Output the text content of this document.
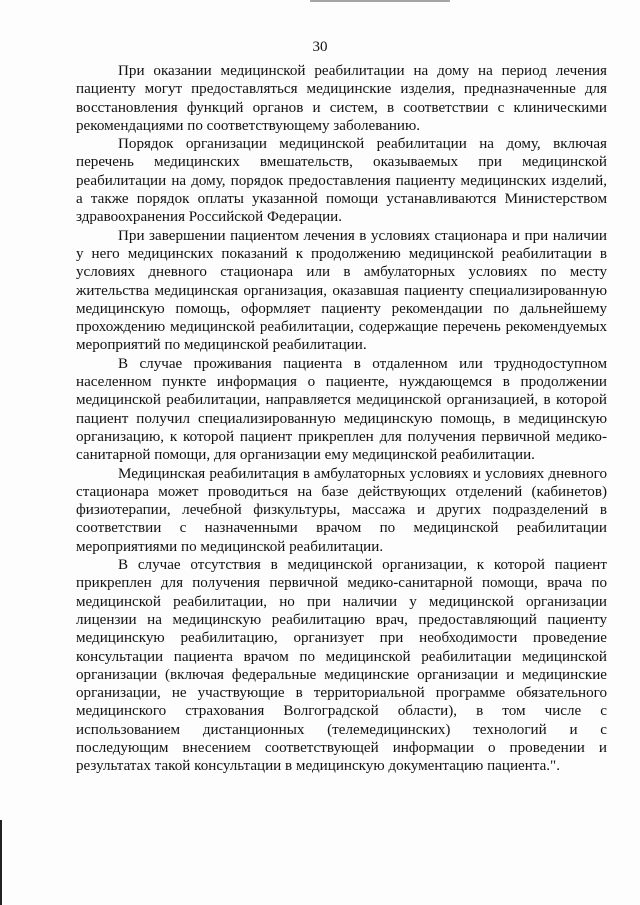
30

При оказании медицинской реабилитации на дому на период лечения пациенту могут предоставляться медицинские изделия, предназначенные для восстановления функций органов и систем, в соответствии с клиническими рекомендациями по соответствующему заболеванию.

Порядок организации медицинской реабилитации на дому, включая перечень медицинских вмешательств, оказываемых при медицинской реабилитации на дому, порядок предоставления пациенту медицинских изделий, а также порядок оплаты указанной помощи устанавливаются Министерством здравоохранения Российской Федерации.

При завершении пациентом лечения в условиях стационара и при наличии у него медицинских показаний к продолжению медицинской реабилитации в условиях дневного стационара или в амбулаторных условиях по месту жительства медицинская организация, оказавшая пациенту специализированную медицинскую помощь, оформляет пациенту рекомендации по дальнейшему прохождению медицинской реабилитации, содержащие перечень рекомендуемых мероприятий по медицинской реабилитации.

В случае проживания пациента в отдаленном или труднодоступном населенном пункте информация о пациенте, нуждающемся в продолжении медицинской реабилитации, направляется медицинской организацией, в которой пациент получил специализированную медицинскую помощь, в медицинскую организацию, к которой пациент прикреплен для получения первичной медико-санитарной помощи, для организации ему медицинской реабилитации.

Медицинская реабилитация в амбулаторных условиях и условиях дневного стационара может проводиться на базе действующих отделений (кабинетов) физиотерапии, лечебной физкультуры, массажа и других подразделений в соответствии с назначенными врачом по медицинской реабилитации мероприятиями по медицинской реабилитации.

В случае отсутствия в медицинской организации, к которой пациент прикреплен для получения первичной медико-санитарной помощи, врача по медицинской реабилитации, но при наличии у медицинской организации лицензии на медицинскую реабилитацию врач, предоставляющий пациенту медицинскую реабилитацию, организует при необходимости проведение консультации пациента врачом по медицинской реабилитации медицинской организации (включая федеральные медицинские организации и медицинские организации, не участвующие в территориальной программе обязательного медицинского страхования Волгоградской области), в том числе с использованием дистанционных (телемедицинских) технологий и с последующим внесением соответствующей информации о проведении и результатах такой консультации в медицинскую документацию пациента.".
